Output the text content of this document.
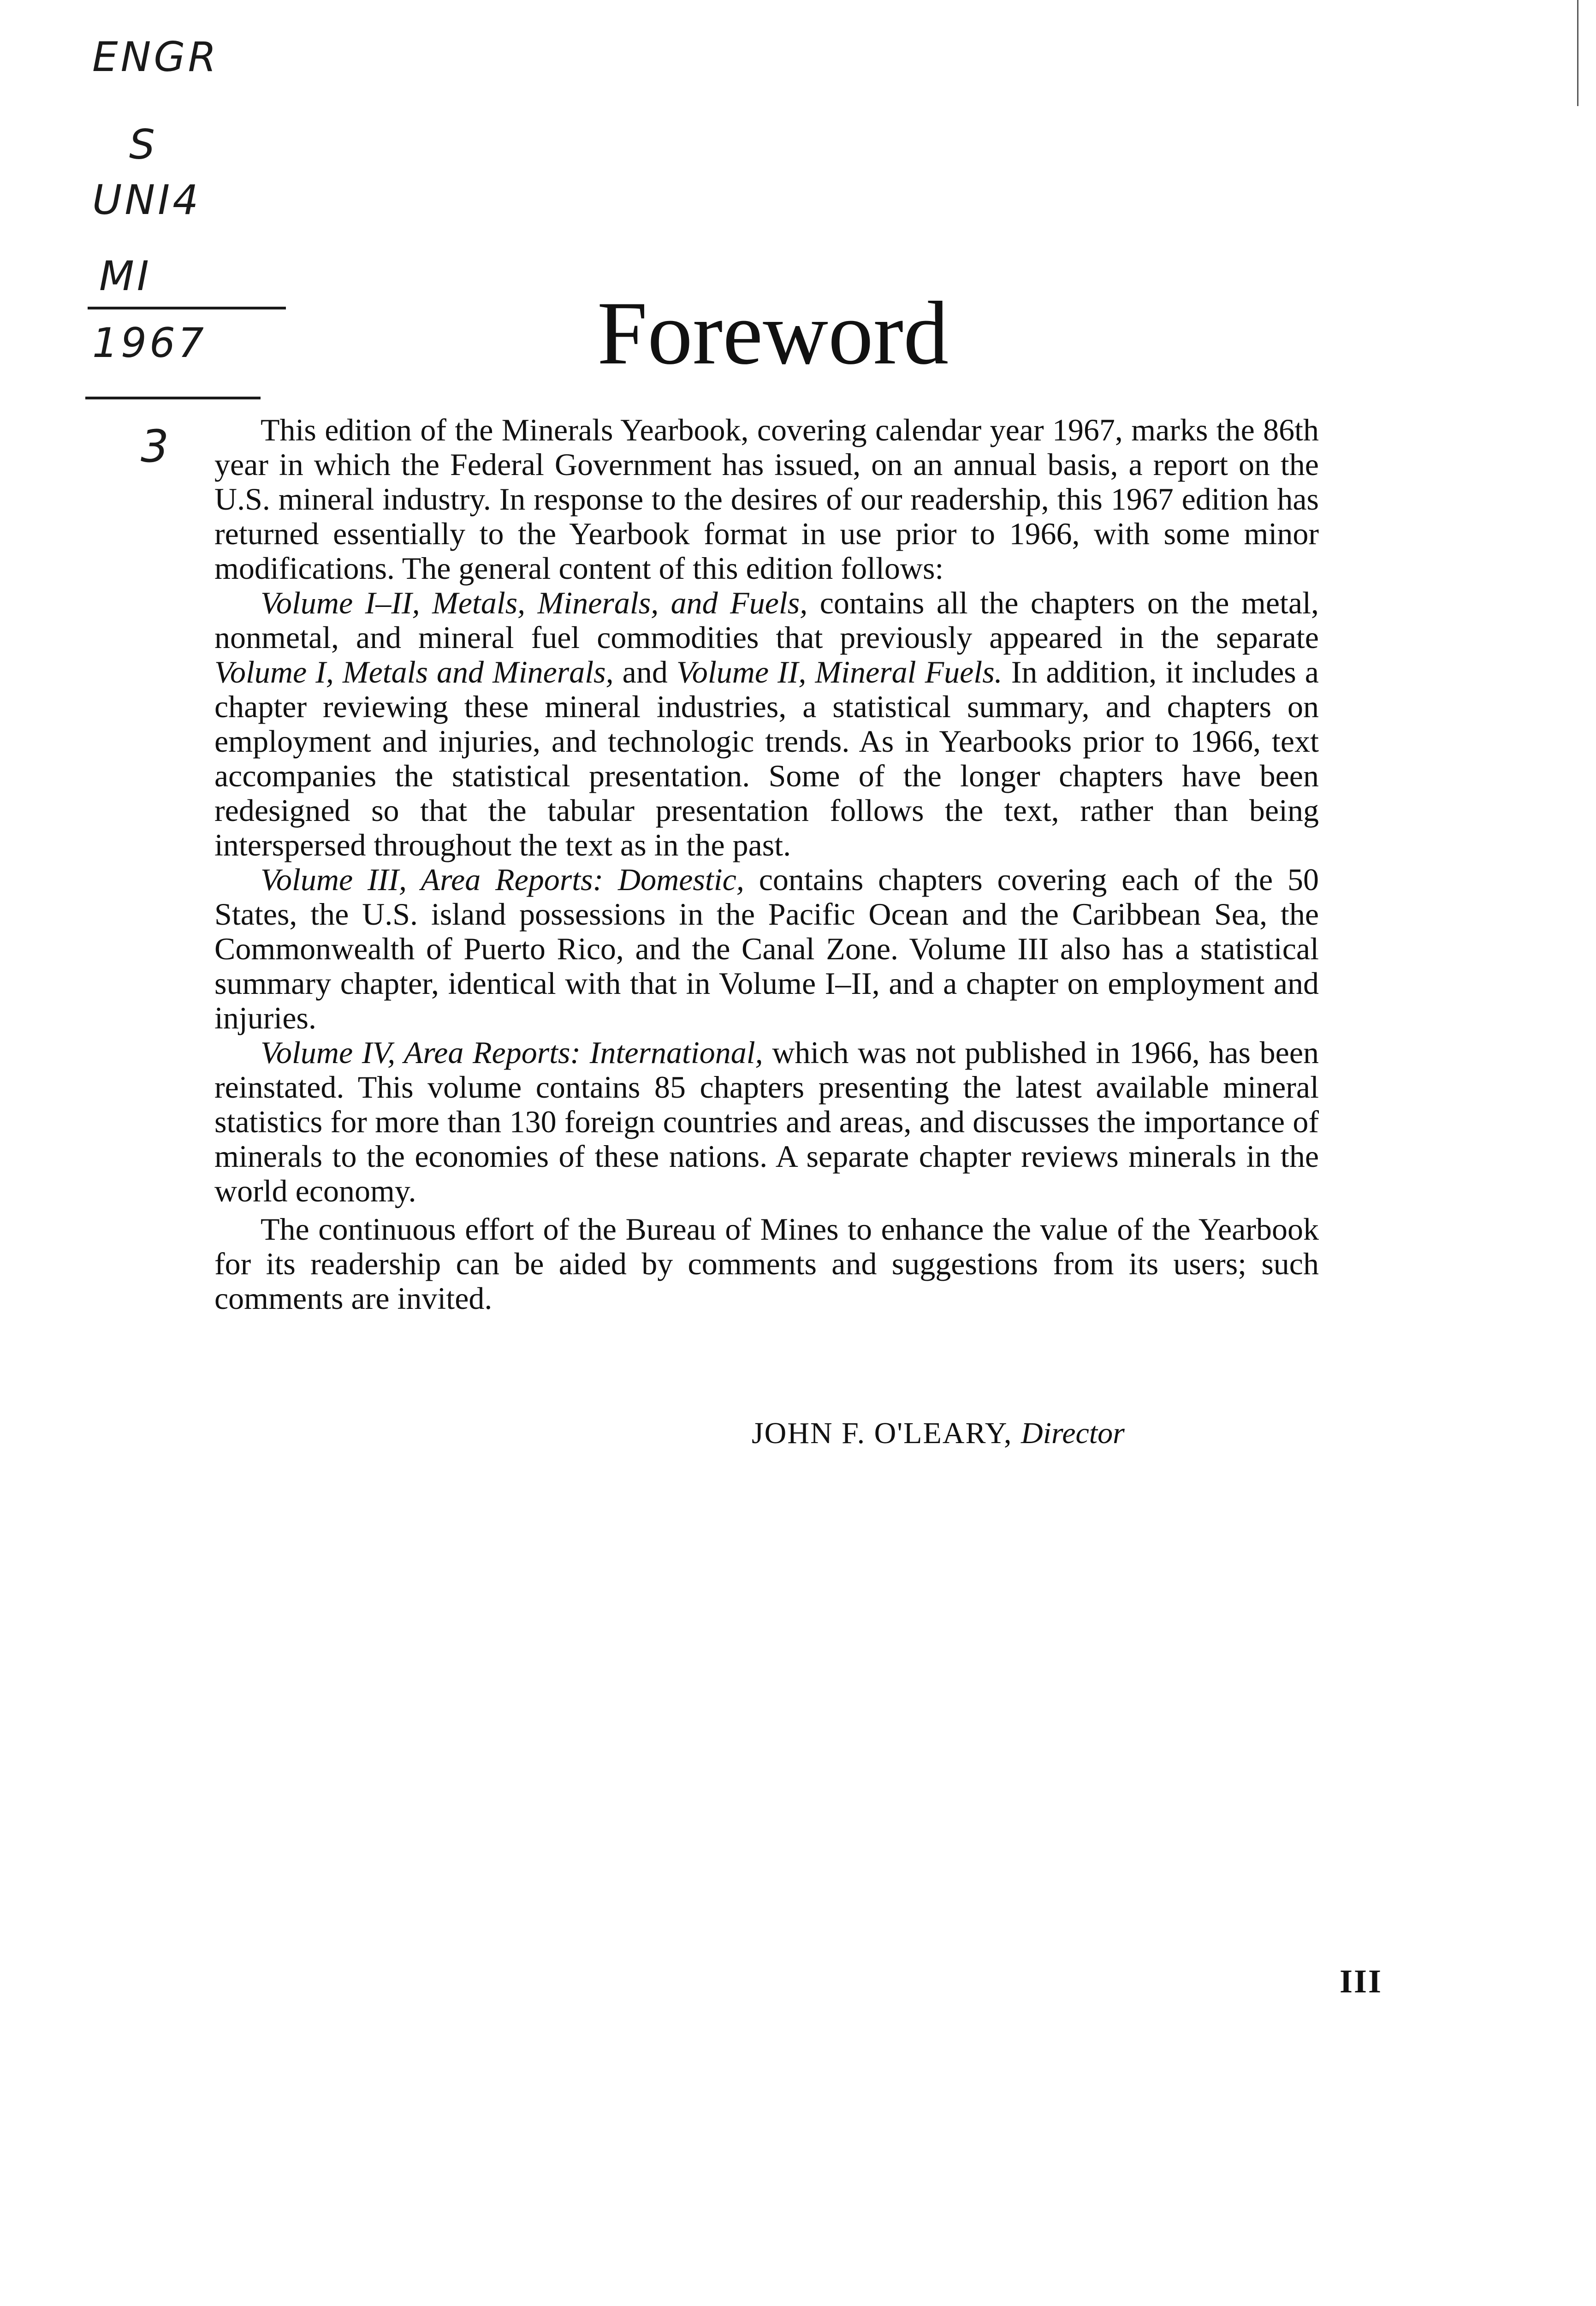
ENGR
S
UNI4
MI
1967
3
Foreword

This edition of the Minerals Yearbook, covering calendar year 1967, marks the 86th year in which the Federal Government has issued, on an annual basis, a report on the U.S. mineral industry. In response to the desires of our readership, this 1967 edition has returned essentially to the Yearbook format in use prior to 1966, with some minor modifications. The general content of this edition follows:

Volume I–II, Metals, Minerals, and Fuels, contains all the chapters on the metal, nonmetal, and mineral fuel commodities that previously appeared in the separate Volume I, Metals and Minerals, and Volume II, Mineral Fuels. In addition, it includes a chapter reviewing these mineral industries, a statistical summary, and chapters on employment and injuries, and technologic trends. As in Yearbooks prior to 1966, text accompanies the statistical presentation. Some of the longer chapters have been redesigned so that the tabular presentation follows the text, rather than being interspersed throughout the text as in the past.

Volume III, Area Reports: Domestic, contains chapters covering each of the 50 States, the U.S. island possessions in the Pacific Ocean and the Caribbean Sea, the Commonwealth of Puerto Rico, and the Canal Zone. Volume III also has a statistical summary chapter, identical with that in Volume I–II, and a chapter on employment and injuries.

Volume IV, Area Reports: International, which was not published in 1966, has been reinstated. This volume contains 85 chapters presenting the latest available mineral statistics for more than 130 foreign countries and areas, and discusses the importance of minerals to the economies of these nations. A separate chapter reviews minerals in the world economy.

The continuous effort of the Bureau of Mines to enhance the value of the Yearbook for its readership can be aided by comments and suggestions from its users; such comments are invited.

JOHN F. O'LEARY, Director
III
